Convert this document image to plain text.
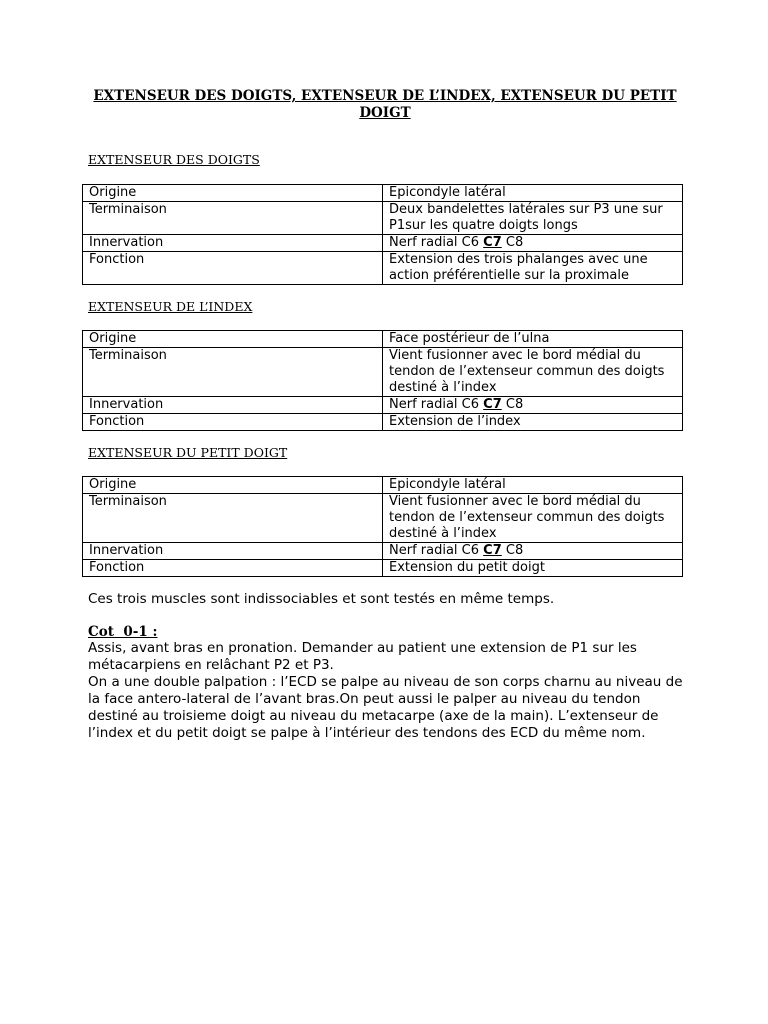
EXTENSEUR DES DOIGTS, EXTENSEUR DE L’INDEX, EXTENSEUR DU PETIT DOIGT
EXTENSEUR DES DOIGTS
Origine	Epicondyle latéral
Terminaison	Deux bandelettes latérales sur P3 une sur P1sur les quatre doigts longs
Innervation	Nerf radial C6 C7 C8
Fonction	Extension des trois phalanges avec une action préférentielle sur la proximale
EXTENSEUR DE L’INDEX
Origine	Face postérieur de l’ulna
Terminaison	Vient fusionner avec le bord médial du tendon de l’extenseur commun des doigts destiné à l’index
Innervation	Nerf radial C6 C7 C8
Fonction	Extension de l’index
EXTENSEUR DU PETIT DOIGT
Origine	Epicondyle latéral
Terminaison	Vient fusionner avec le bord médial du tendon de l’extenseur commun des doigts destiné à l’index
Innervation	Nerf radial C6 C7 C8
Fonction	Extension du petit doigt
Ces trois muscles sont indissociables et sont testés en même temps.
Cot  0-1 :
Assis, avant bras en pronation. Demander au patient une extension de P1 sur les métacarpiens en relâchant P2 et P3.
On a une double palpation : l’ECD se palpe au niveau de son corps charnu au niveau de la face antero-lateral de l’avant bras.On peut aussi le palper au niveau du tendon destiné au troisieme doigt au niveau du metacarpe (axe de la main). L’extenseur de l’index et du petit doigt se palpe à l’intérieur des tendons des ECD du même nom.
